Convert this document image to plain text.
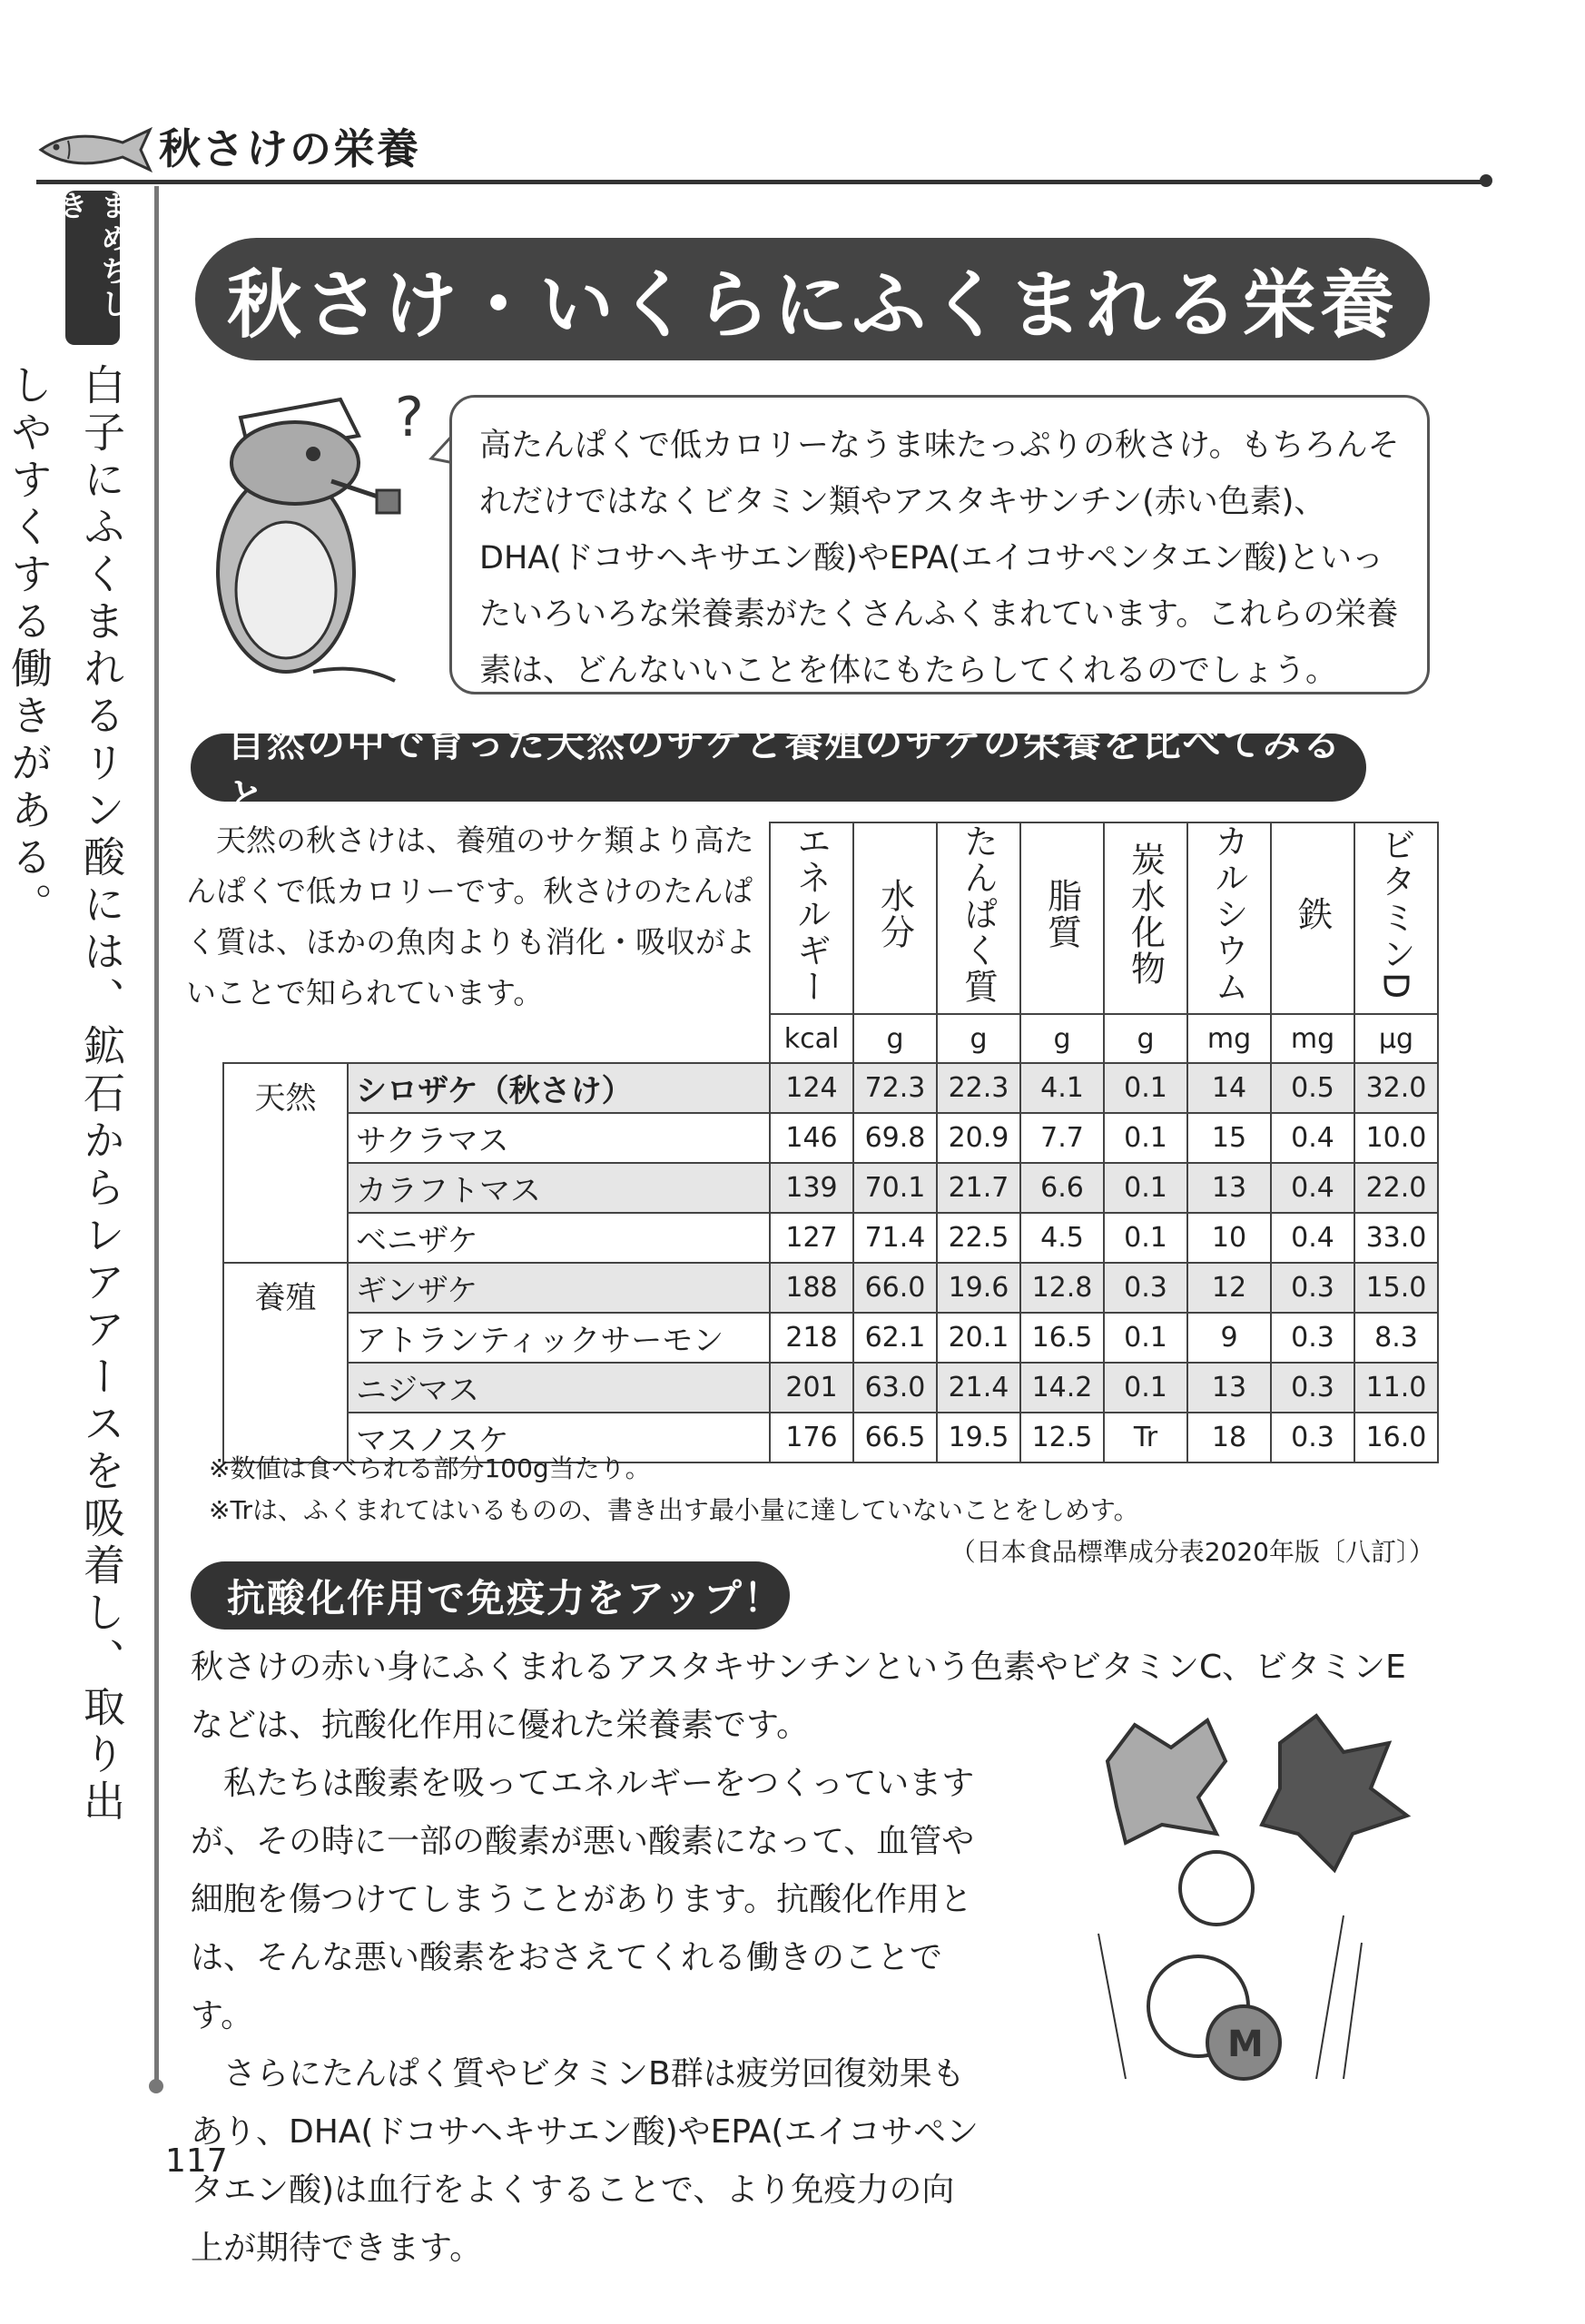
秋さけの栄養
まめちしき
白子にふくまれるリン酸には、鉱石からレアアースを吸着し、取り出しやすくする働きがある。
秋さけ・いくらにふくまれる栄養
?	高たんぱくで低カロリーなうま味たっぷりの秋さけ。もちろんそれだけではなくビタミン類やアスタキサンチン(赤い色素)、DHA(ドコサヘキサエン酸)やEPA(エイコサペンタエン酸)といったいろいろな栄養素がたくさんふくまれています。これらの栄養素は、どんないいことを体にもたらしてくれるのでしょう。
自然の中で育った天然のサケと養殖のサケの栄養を比べてみると…
天然の秋さけは、養殖のサケ類より高たんぱくで低カロリーです。秋さけのたんぱく質は、ほかの魚肉よりも消化・吸収がよいことで知られています。
		エネルギー	水分	たんぱく質	脂質	炭水化物	カルシウム	鉄	ビタミンD
		kcal	g	g	g	g	mg	mg	μg
天然	シロザケ（秋さけ）	124	72.3	22.3	4.1	0.1	14	0.5	32.0
	サクラマス	146	69.8	20.9	7.7	0.1	15	0.4	10.0
	カラフトマス	139	70.1	21.7	6.6	0.1	13	0.4	22.0
	ベニザケ	127	71.4	22.5	4.5	0.1	10	0.4	33.0
養殖	ギンザケ	188	66.0	19.6	12.8	0.3	12	0.3	15.0
	アトランティックサーモン	218	62.1	20.1	16.5	0.1	9	0.3	8.3
	ニジマス	201	63.0	21.4	14.2	0.1	13	0.3	11.0
	マスノスケ	176	66.5	19.5	12.5	Tr	18	0.3	16.0
※数値は食べられる部分100g当たり。
※Trは、ふくまれてはいるものの、書き出す最小量に達していないことをしめす。
（日本食品標準成分表2020年版〔八訂〕）
抗酸化作用で免疫力をアップ！

秋さけの赤い身にふくまれるアスタキサンチンという色素やビタミンC、ビタミンEなどは、抗酸化作用に優れた栄養素です。

私たちは酸素を吸ってエネルギーをつくっていますが、その時に一部の酸素が悪い酸素になって、血管や細胞を傷つけてしまうことがあります。抗酸化作用とは、そんな悪い酸素をおさえてくれる働きのことです。

さらにたんぱく質やビタミンB群は疲労回復効果もあり、DHA(ドコサヘキサエン酸)やEPA(エイコサペンタエン酸)は血行をよくすることで、より免疫力の向上が期待できます。

M
117
